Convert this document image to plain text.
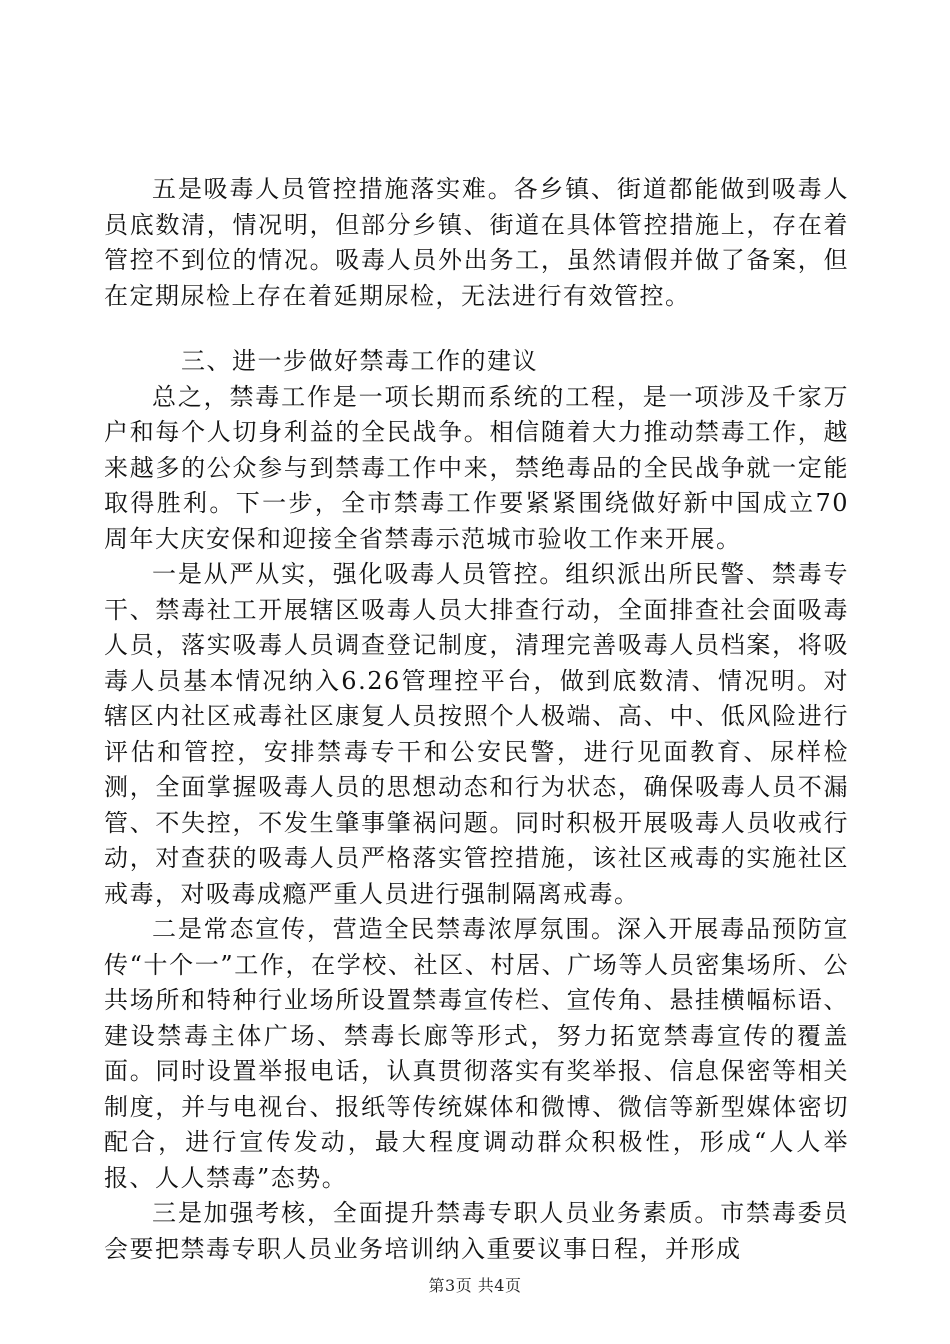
五是吸毒人员管控措施落实难。各乡镇、街道都能做到吸毒人员底数清，情况明，但部分乡镇、街道在具体管控措施上，存在着管控不到位的情况。吸毒人员外出务工，虽然请假并做了备案，但在定期尿检上存在着延期尿检，无法进行有效管控。

三、进一步做好禁毒工作的建议

总之，禁毒工作是一项长期而系统的工程，是一项涉及千家万户和每个人切身利益的全民战争。相信随着大力推动禁毒工作，越来越多的公众参与到禁毒工作中来，禁绝毒品的全民战争就一定能取得胜利。下一步，全市禁毒工作要紧紧围绕做好新中国成立70周年大庆安保和迎接全省禁毒示范城市验收工作来开展。

一是从严从实，强化吸毒人员管控。组织派出所民警、禁毒专干、禁毒社工开展辖区吸毒人员大排查行动，全面排查社会面吸毒人员，落实吸毒人员调查登记制度，清理完善吸毒人员档案，将吸毒人员基本情况纳入6.26管理控平台，做到底数清、情况明。对辖区内社区戒毒社区康复人员按照个人极端、高、中、低风险进行评估和管控，安排禁毒专干和公安民警，进行见面教育、尿样检测，全面掌握吸毒人员的思想动态和行为状态，确保吸毒人员不漏管、不失控，不发生肇事肇祸问题。同时积极开展吸毒人员收戒行动，对查获的吸毒人员严格落实管控措施，该社区戒毒的实施社区戒毒，对吸毒成瘾严重人员进行强制隔离戒毒。

二是常态宣传，营造全民禁毒浓厚氛围。深入开展毒品预防宣传“十个一”工作，在学校、社区、村居、广场等人员密集场所、公共场所和特种行业场所设置禁毒宣传栏、宣传角、悬挂横幅标语、建设禁毒主体广场、禁毒长廊等形式，努力拓宽禁毒宣传的覆盖面。同时设置举报电话，认真贯彻落实有奖举报、信息保密等相关制度，并与电视台、报纸等传统媒体和微博、微信等新型媒体密切配合，进行宣传发动，最大程度调动群众积极性，形成“人人举报、人人禁毒”态势。

三是加强考核，全面提升禁毒专职人员业务素质。市禁毒委员会要把禁毒专职人员业务培训纳入重要议事日程，并形成

第3页 共4页
